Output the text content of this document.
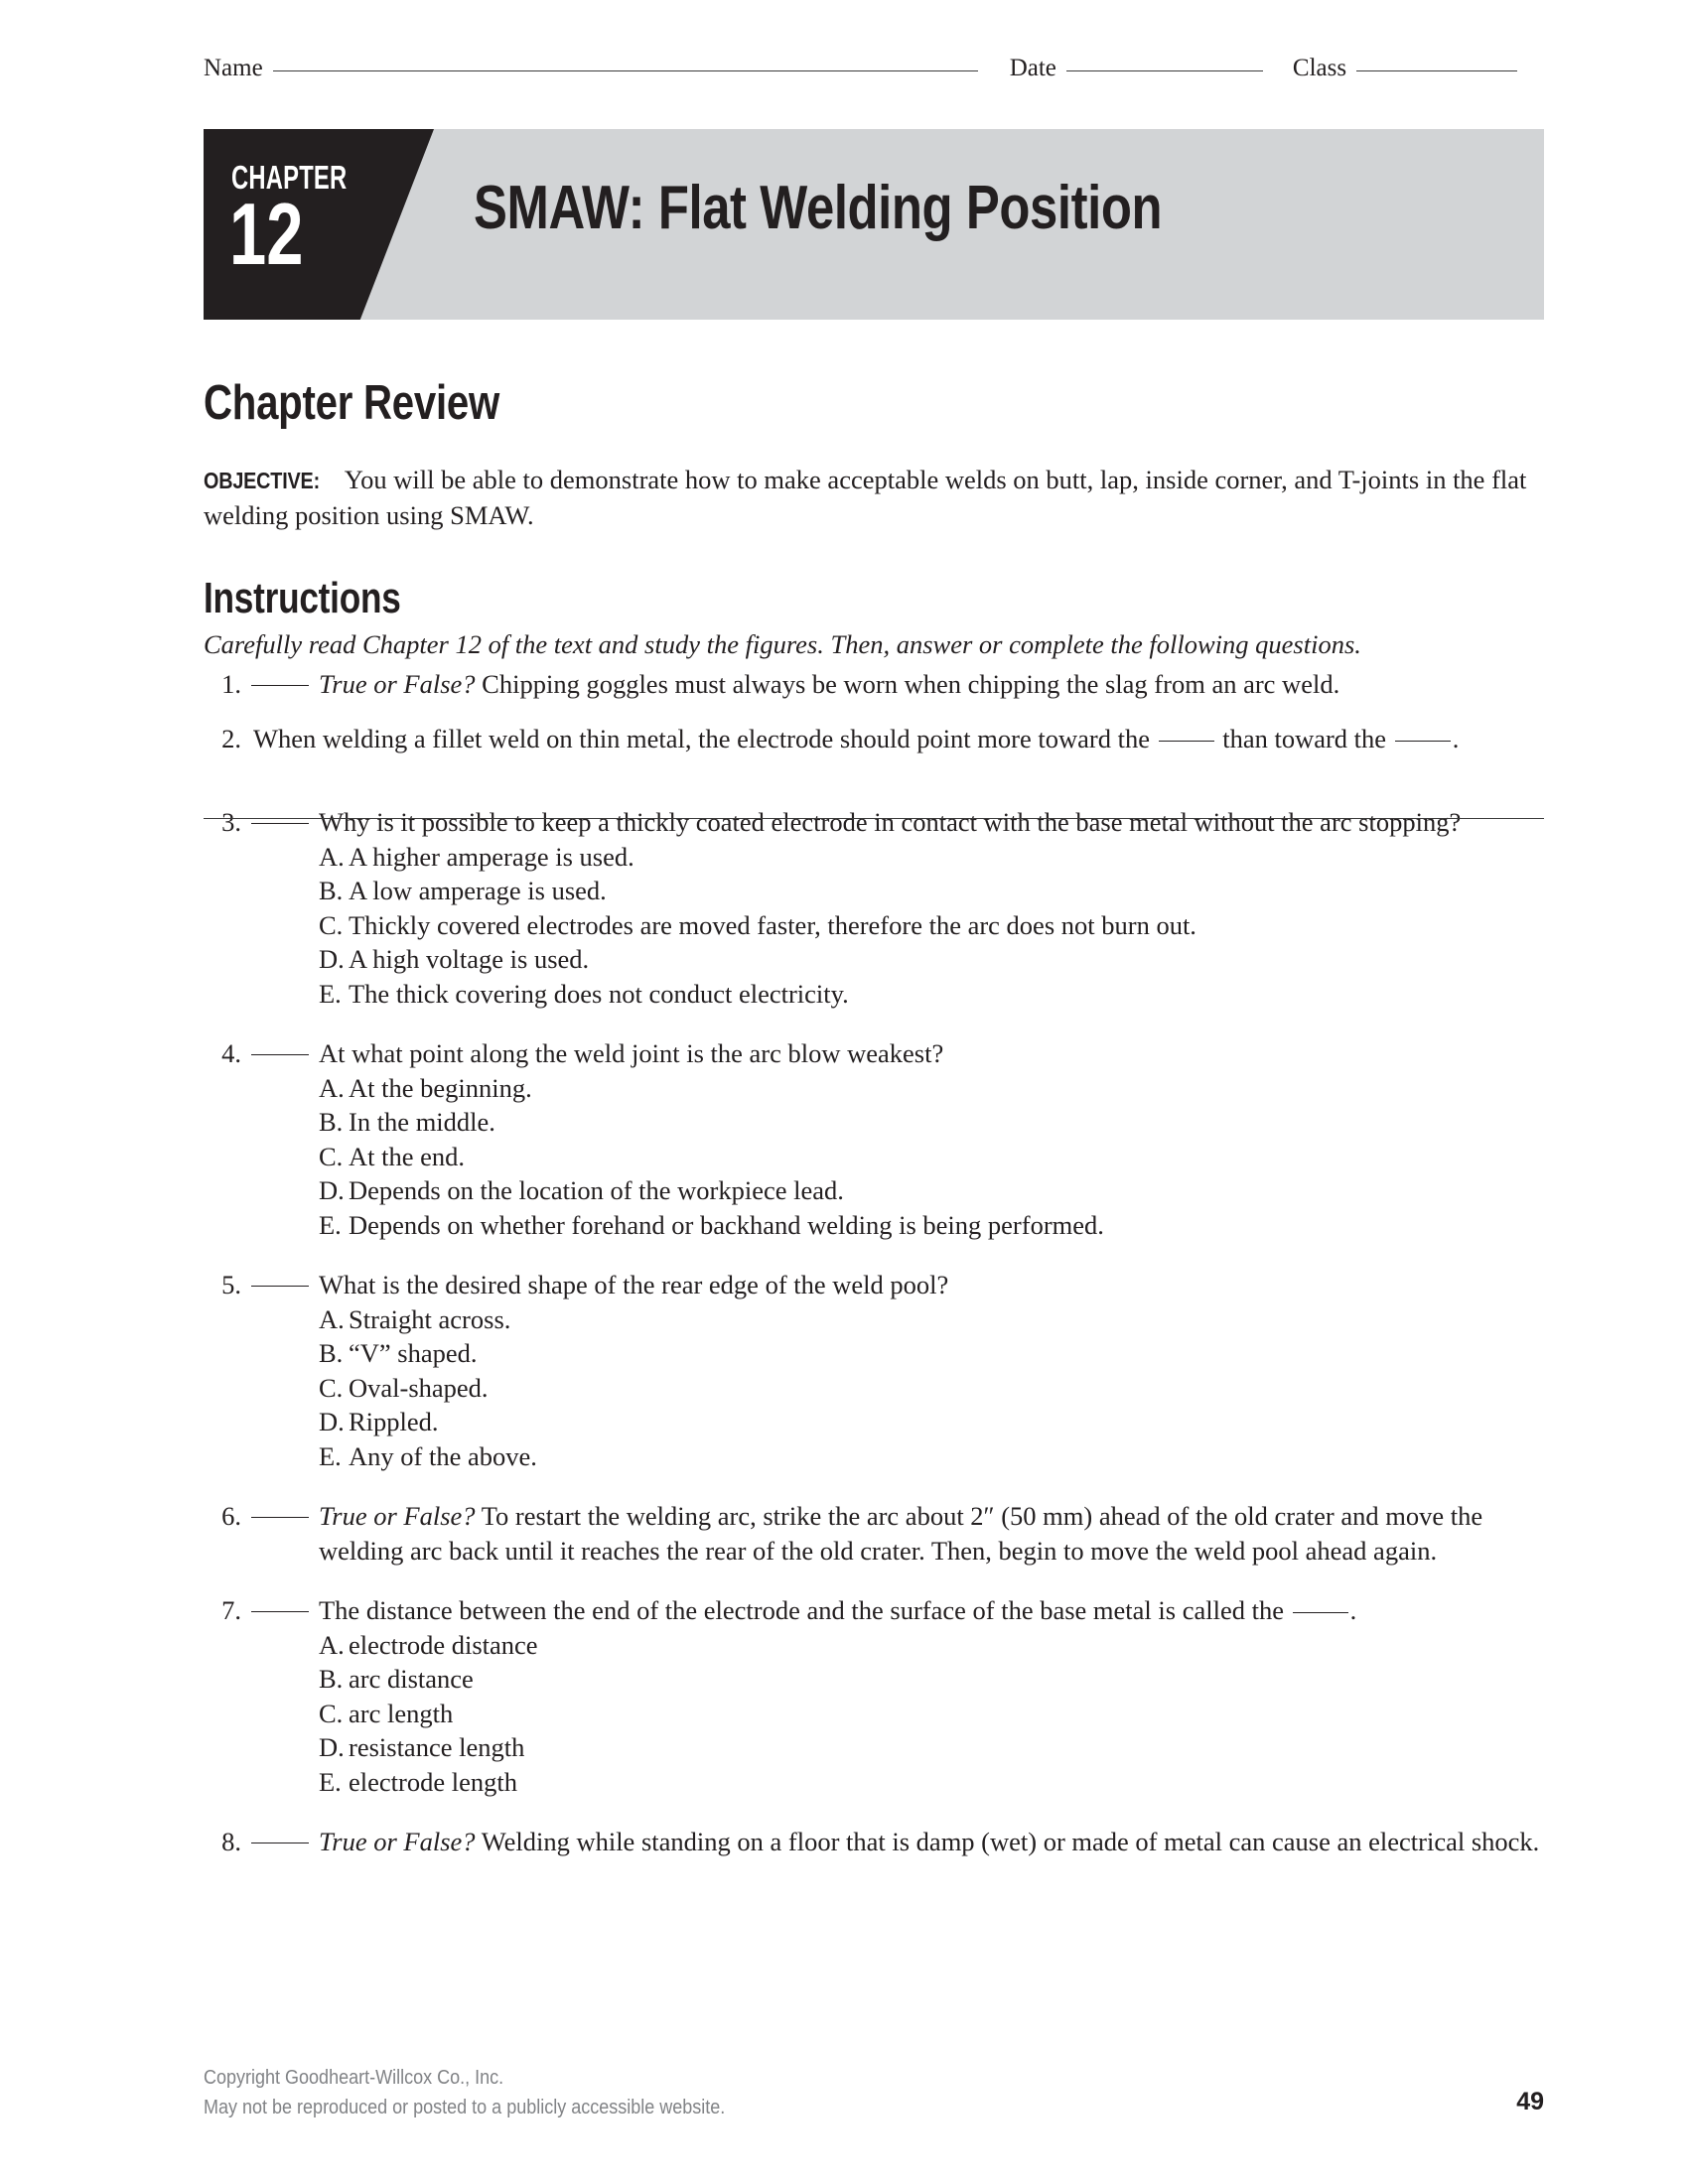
Name	Date	Class
CHAPTER
12	SMAW: Flat Welding Position
Chapter Review
OBJECTIVE: You will be able to demonstrate how to make acceptable welds on butt, lap, inside corner, and T-joints in the flat welding position using SMAW.
Instructions
Carefully read Chapter 12 of the text and study the figures. Then, answer or complete the following questions.
1.	True or False? Chipping goggles must always be worn when chipping the slag from an arc weld.
2. When welding a fillet weld on thin metal, the electrode should point more toward the  than toward the .
3.	Why is it possible to keep a thickly coated electrode in contact with the base metal without the arc stopping?
A. A higher amperage is used.
B. A low amperage is used.
C. Thickly covered electrodes are moved faster, therefore the arc does not burn out.
D. A high voltage is used.
E. The thick covering does not conduct electricity.
4.	At what point along the weld joint is the arc blow weakest?
A. At the beginning.
B. In the middle.
C. At the end.
D. Depends on the location of the workpiece lead.
E. Depends on whether forehand or backhand welding is being performed.
5.	What is the desired shape of the rear edge of the weld pool?
A. Straight across.
B. “V” shaped.
C. Oval-shaped.
D. Rippled.
E. Any of the above.
6.	True or False? To restart the welding arc, strike the arc about 2″ (50 mm) ahead of the old crater and move the welding arc back until it reaches the rear of the old crater. Then, begin to move the weld pool ahead again.
7.	The distance between the end of the electrode and the surface of the base metal is called the .
A. electrode distance
B. arc distance
C. arc length
D. resistance length
E. electrode length
8.	True or False? Welding while standing on a floor that is damp (wet) or made of metal can cause an electrical shock.
Copyright Goodheart-Willcox Co., Inc.
May not be reproduced or posted to a publicly accessible website.	49
